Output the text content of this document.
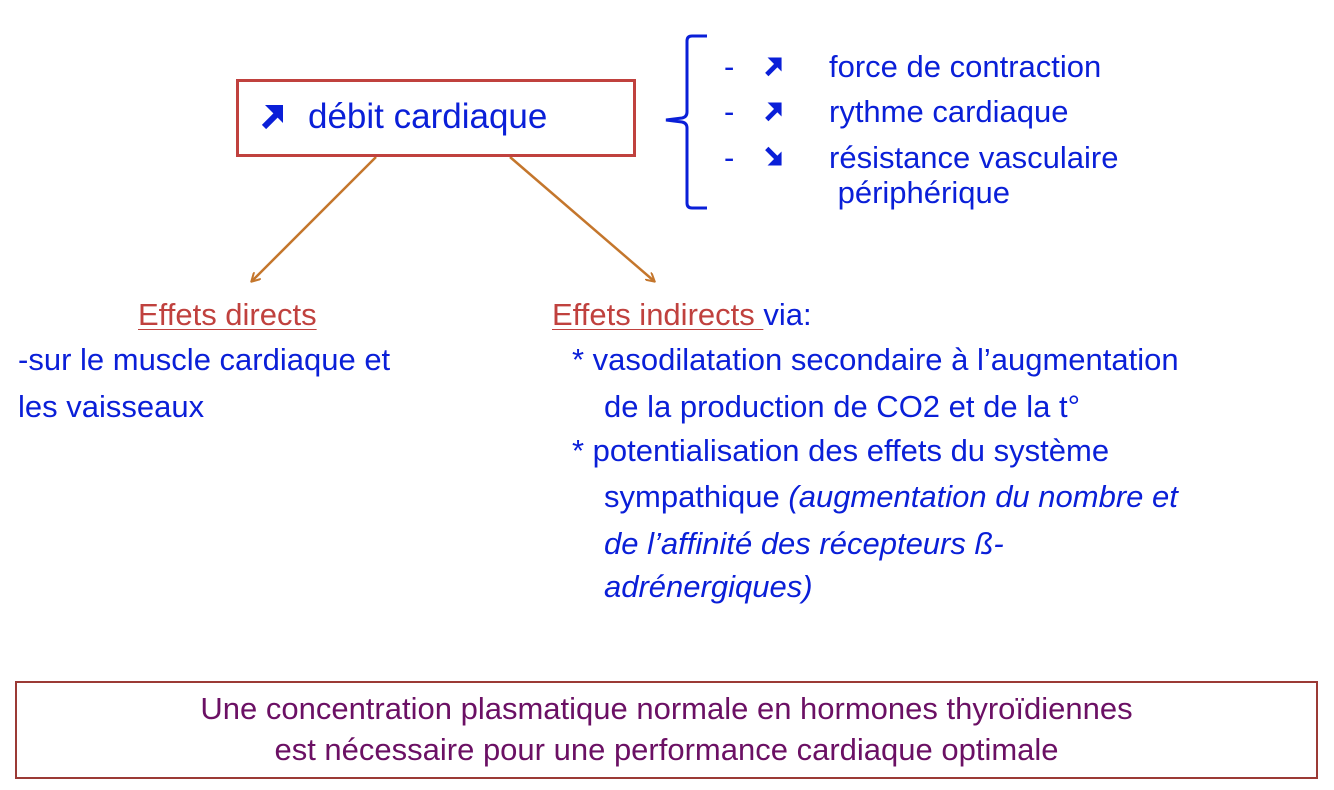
débit cardiaque
-	force de contraction
-	rythme cardiaque
-	résistance vasculaire
périphérique
Effets directs
-sur le muscle cardiaque et
les vaisseaux
Effets indirects via:
* vasodilatation secondaire à l’augmentation
de la production de CO2 et de la t°
* potentialisation des effets du système
sympathique (augmentation du nombre et
de l’affinité des récepteurs ß-
adrénergiques)
Une concentration plasmatique normale en hormones thyroïdiennes
est nécessaire pour une performance cardiaque optimale
